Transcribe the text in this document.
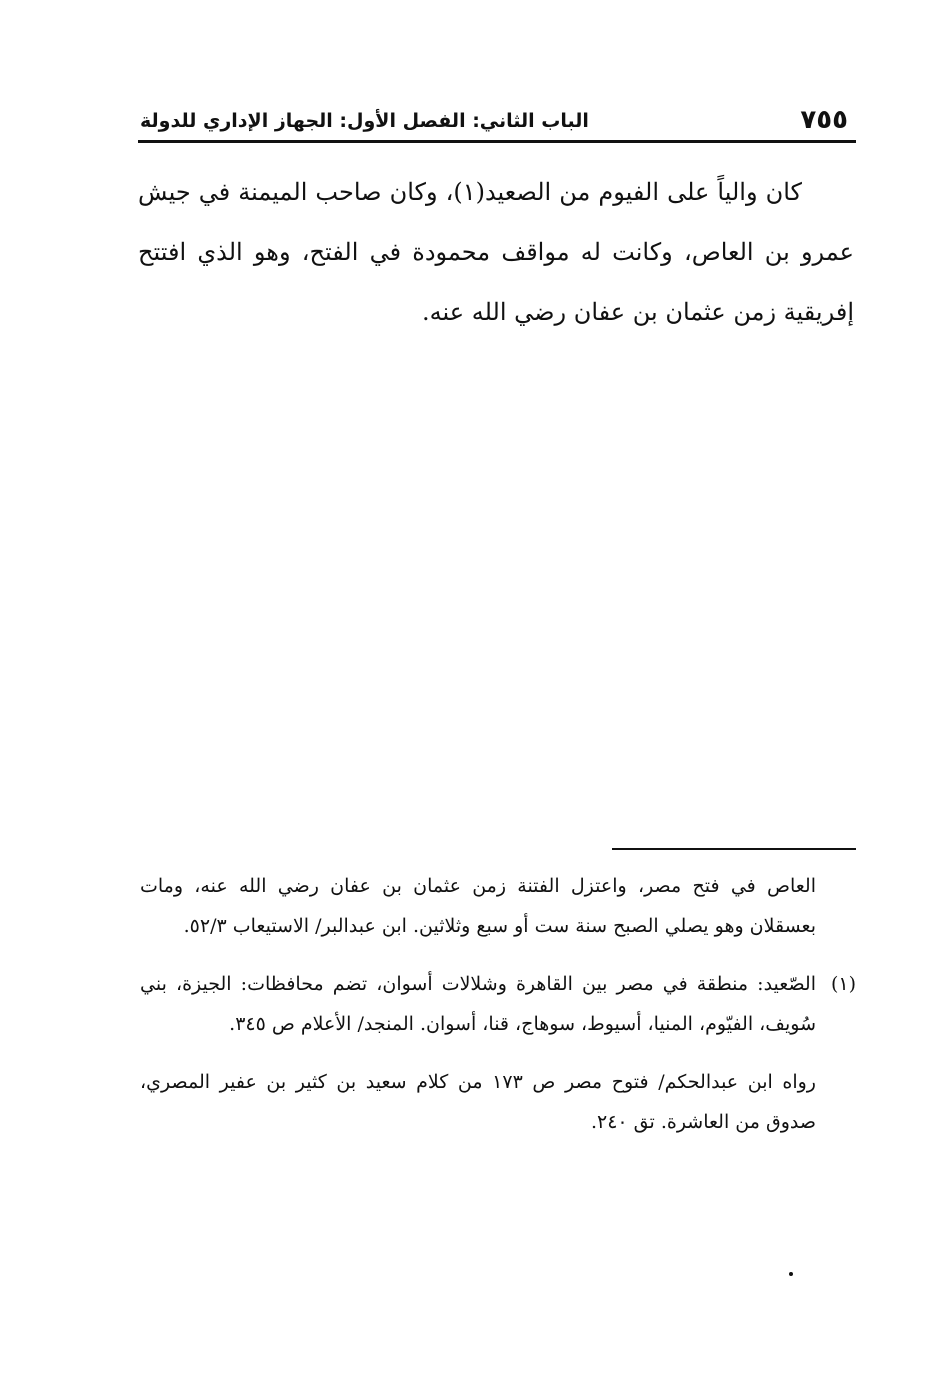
٧٥٥
الباب الثاني: الفصل الأول: الجهاز الإداري للدولة

كان والياً على الفيوم من الصعيد(١)، وكان صاحب الميمنة في جيش عمرو بن العاص، وكانت له مواقف محمودة في الفتح، وهو الذي افتتح إفريقية زمن عثمان بن عفان رضي الله عنه.

العاص في فتح مصر، واعتزل الفتنة زمن عثمان بن عفان رضي الله عنه، ومات بعسقلان وهو يصلي الصبح سنة ست أو سبع وثلاثين. ابن عبدالبر/ الاستيعاب ٥٢/٣.

(١)الصّعيد: منطقة في مصر بين القاهرة وشلالات أسوان، تضم محافظات: الجيزة، بني سُويف، الفيّوم، المنيا، أسيوط، سوهاج، قنا، أسوان. المنجد/ الأعلام ص ٣٤٥.

رواه ابن عبدالحكم/ فتوح مصر ص ١٧٣ من كلام سعيد بن كثير بن عفير المصري، صدوق من العاشرة. تق ٢٤٠.
